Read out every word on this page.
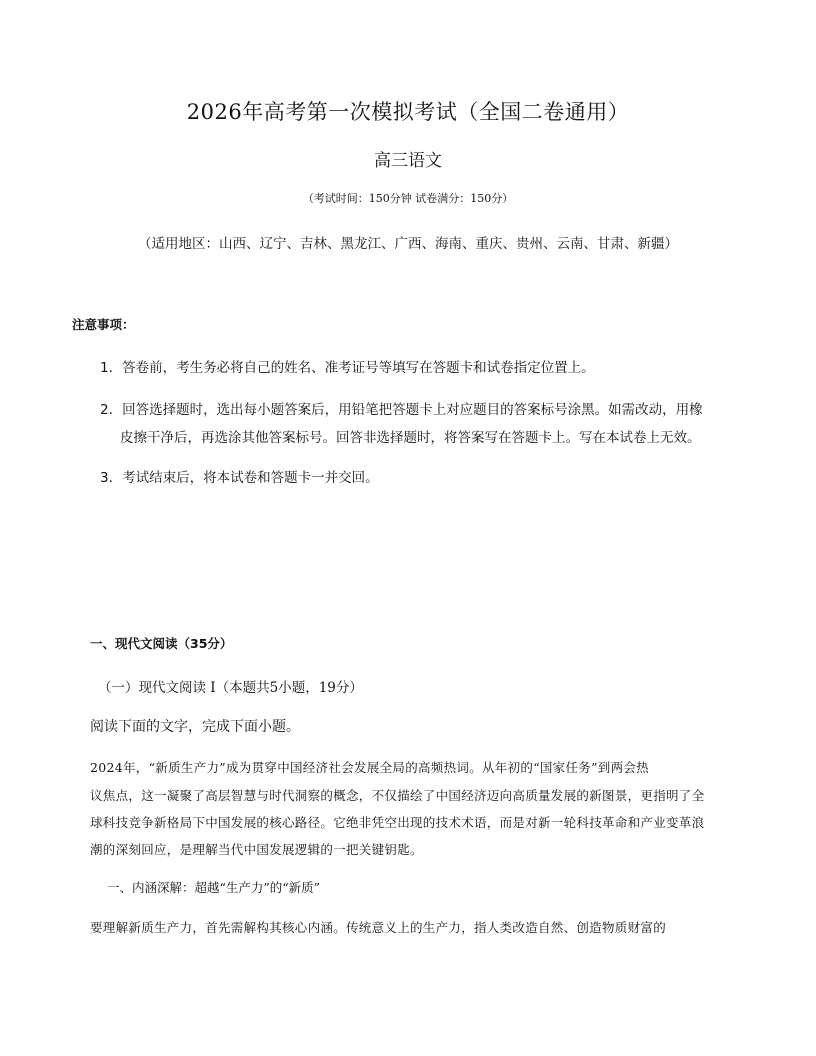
2026年高考第一次模拟考试（全国二卷通用）
高三语文
（考试时间：150分钟 试卷满分：150分）
（适用地区：山西、辽宁、吉林、黑龙江、广西、海南、重庆、贵州、云南、甘肃、新疆）
注意事项：
1．答卷前，考生务必将自己的姓名、准考证号等填写在答题卡和试卷指定位置上。
2．回答选择题时，选出每小题答案后，用铅笔把答题卡上对应题目的答案标号涂黑。如需改动，用橡
皮擦干净后，再选涂其他答案标号。回答非选择题时，将答案写在答题卡上。写在本试卷上无效。
3．考试结束后，将本试卷和答题卡一并交回。
一、现代文阅读（35分）
（一）现代文阅读 I（本题共5小题，19分）
阅读下面的文字，完成下面小题。
2024年，“新质生产力”成为贯穿中国经济社会发展全局的高频热词。从年初的“国家任务”到两会热
议焦点，这一凝聚了高层智慧与时代洞察的概念，不仅描绘了中国经济迈向高质量发展的新图景，更指明了全
球科技竞争新格局下中国发展的核心路径。它绝非凭空出现的技术术语，而是对新一轮科技革命和产业变革浪
潮的深刻回应，是理解当代中国发展逻辑的一把关键钥匙。
一、内涵深解：超越“生产力”的“新质”
要理解新质生产力，首先需解构其核心内涵。传统意义上的生产力，指人类改造自然、创造物质财富的
